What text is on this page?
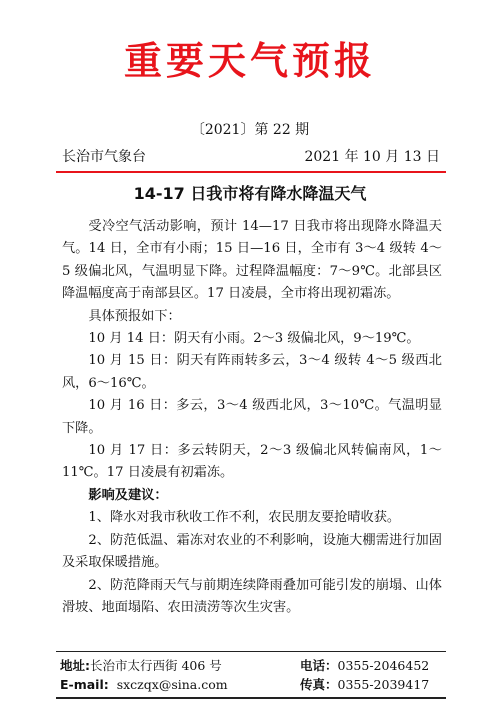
重要天气预报
〔2021〕第 22 期
长治市气象台	2021 年 10 月 13 日
14-17 日我市将有降水降温天气

受冷空气活动影响，预计 14—17 日我市将出现降水降温天气。14 日，全市有小雨；15 日—16 日，全市有 3～4 级转 4～5 级偏北风，气温明显下降。过程降温幅度：7～9℃。北部县区降温幅度高于南部县区。17 日凌晨，全市将出现初霜冻。

具体预报如下：

10 月 14 日：阴天有小雨。2～3 级偏北风，9～19℃。

10 月 15 日：阴天有阵雨转多云，3～4 级转 4～5 级西北风，6～16℃。

10 月 16 日：多云，3～4 级西北风，3～10℃。气温明显下降。

10 月 17 日：多云转阴天，2～3 级偏北风转偏南风，1～11℃。17 日凌晨有初霜冻。

影响及建议：

1、降水对我市秋收工作不利，农民朋友要抢晴收获。

2、防范低温、霜冻对农业的不利影响，设施大棚需进行加固及采取保暖措施。

2、防范降雨天气与前期连续降雨叠加可能引发的崩塌、山体滑坡、地面塌陷、农田渍涝等次生灾害。

地址:长治市太行西街 406 号	电话：0355-2046452
E-mail: sxczqx@sina.com	传真：0355-2039417
